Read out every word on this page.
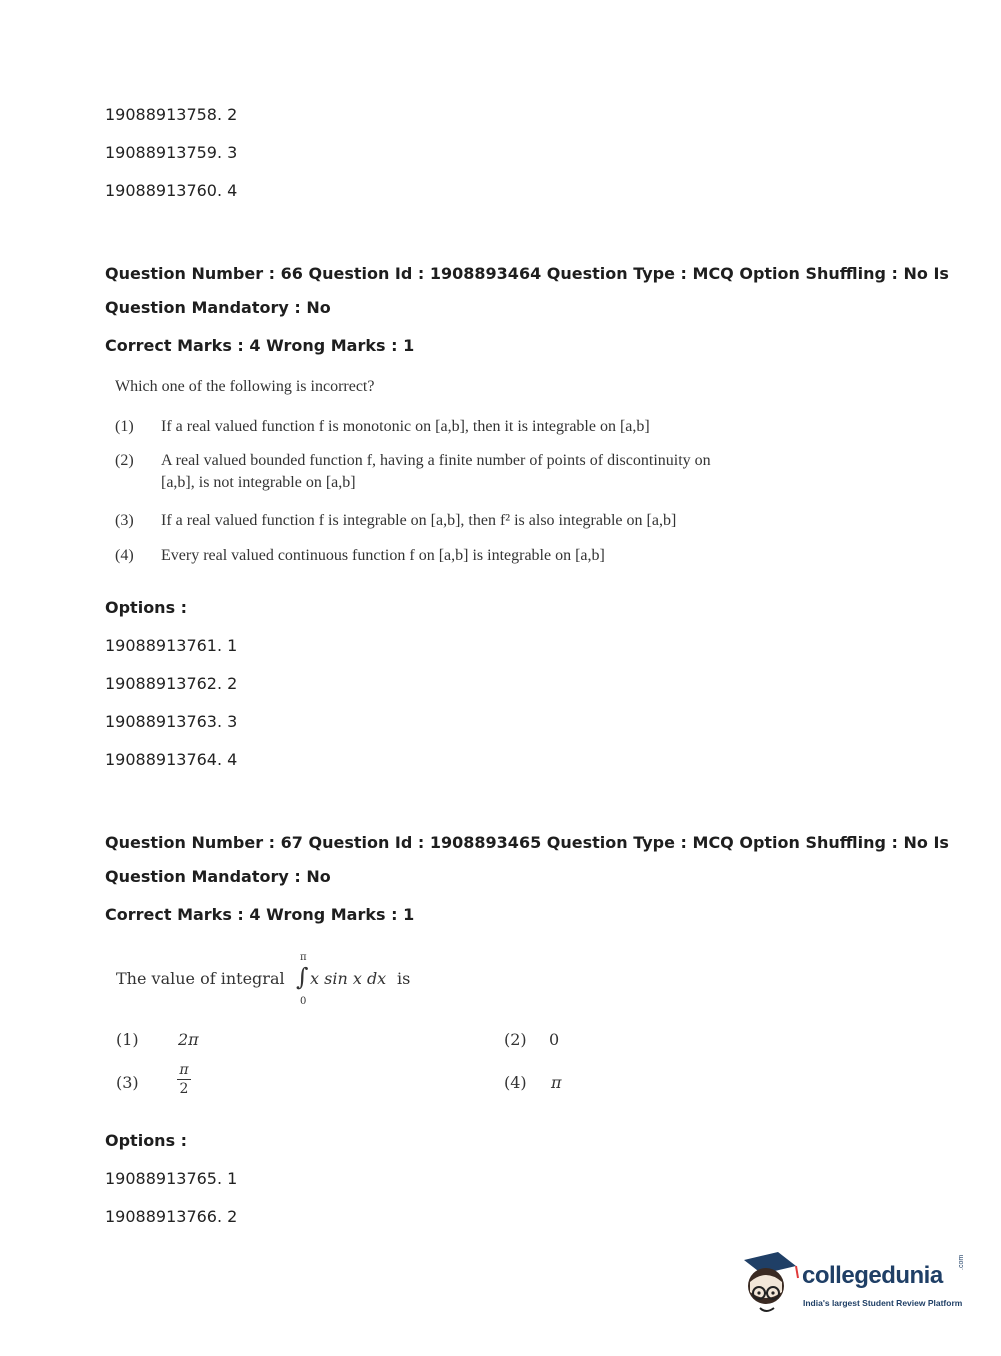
19088913758. 2
19088913759. 3
19088913760. 4
Question Number : 66 Question Id : 1908893464 Question Type : MCQ Option Shuffling : No Is
Question Mandatory : No
Correct Marks : 4 Wrong Marks : 1
Which one of the following is incorrect?
(1) If a real valued function f is monotonic on [a,b], then it is integrable on [a,b]
(2) A real valued bounded function f, having a finite number of points of discontinuity on
[a,b], is not integrable on [a,b]
(3) If a real valued function f is integrable on [a,b], then f² is also integrable on [a,b]
(4) Every real valued continuous function f on [a,b] is integrable on [a,b]
Options :
19088913761. 1
19088913762. 2
19088913763. 3
19088913764. 4
Question Number : 67 Question Id : 1908893465 Question Type : MCQ Option Shuffling : No Is
Question Mandatory : No
Correct Marks : 4 Wrong Marks : 1
The value of integral
π
∫
0
x sin x dx is
(1) 2π	(2) 0
(3)
π
2	(4) π
Options :
19088913765. 1
19088913766. 2
collegedunia .com
India's largest Student Review Platform
